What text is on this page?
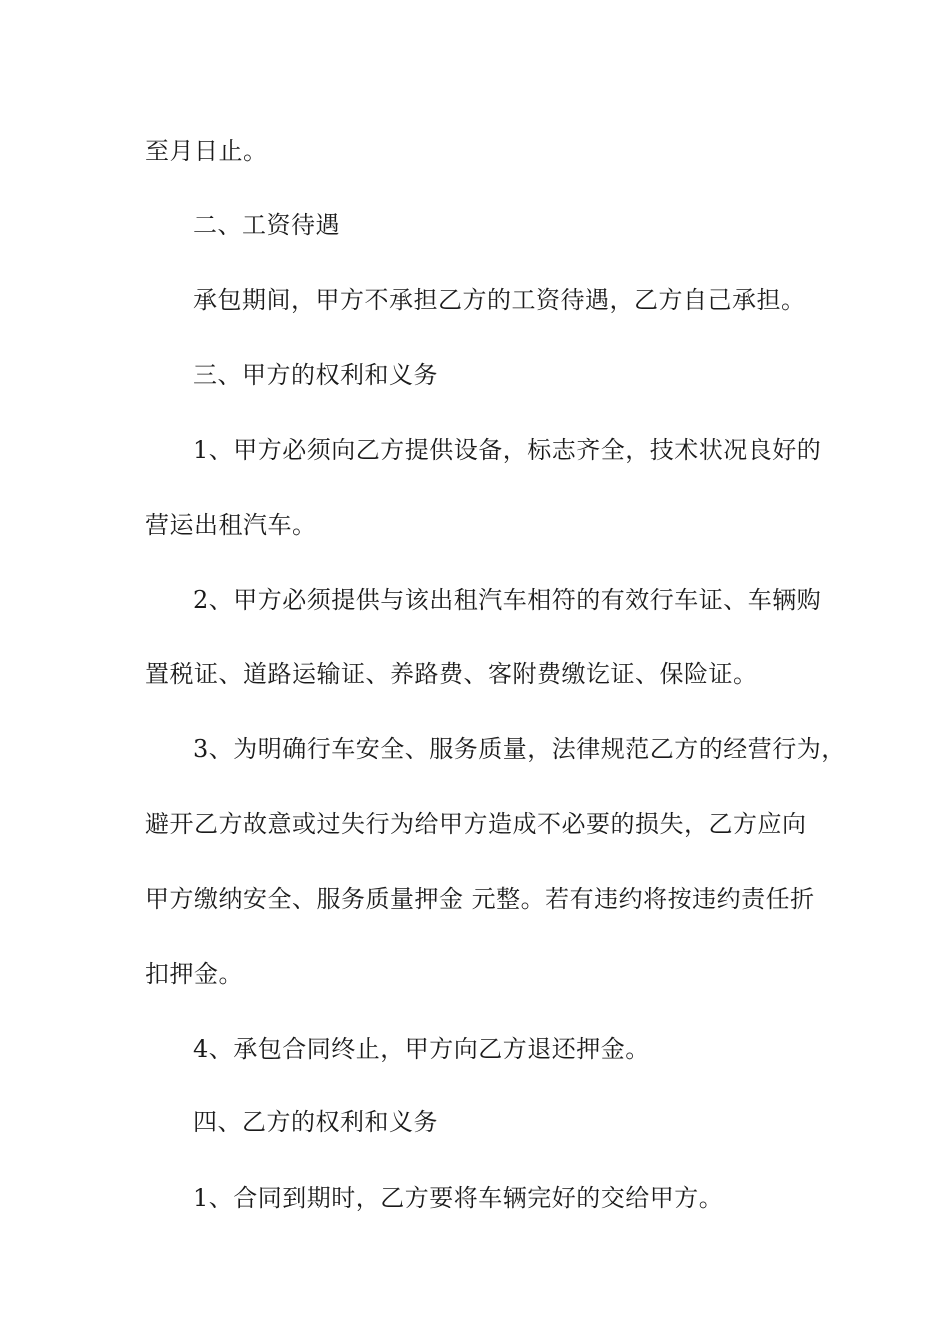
至月日止。
二、工资待遇
承包期间，甲方不承担乙方的工资待遇，乙方自己承担。
三、甲方的权利和义务
1、甲方必须向乙方提供设备，标志齐全，技术状况良好的
营运出租汽车。
2、甲方必须提供与该出租汽车相符的有效行车证、车辆购
置税证、道路运输证、养路费、客附费缴讫证、保险证。
3、为明确行车安全、服务质量，法律规范乙方的经营行为，
避开乙方故意或过失行为给甲方造成不必要的损失，乙方应向
甲方缴纳安全、服务质量押金 元整。若有违约将按违约责任折
扣押金。
4、承包合同终止，甲方向乙方退还押金。
四、乙方的权利和义务
1、合同到期时，乙方要将车辆完好的交给甲方。
